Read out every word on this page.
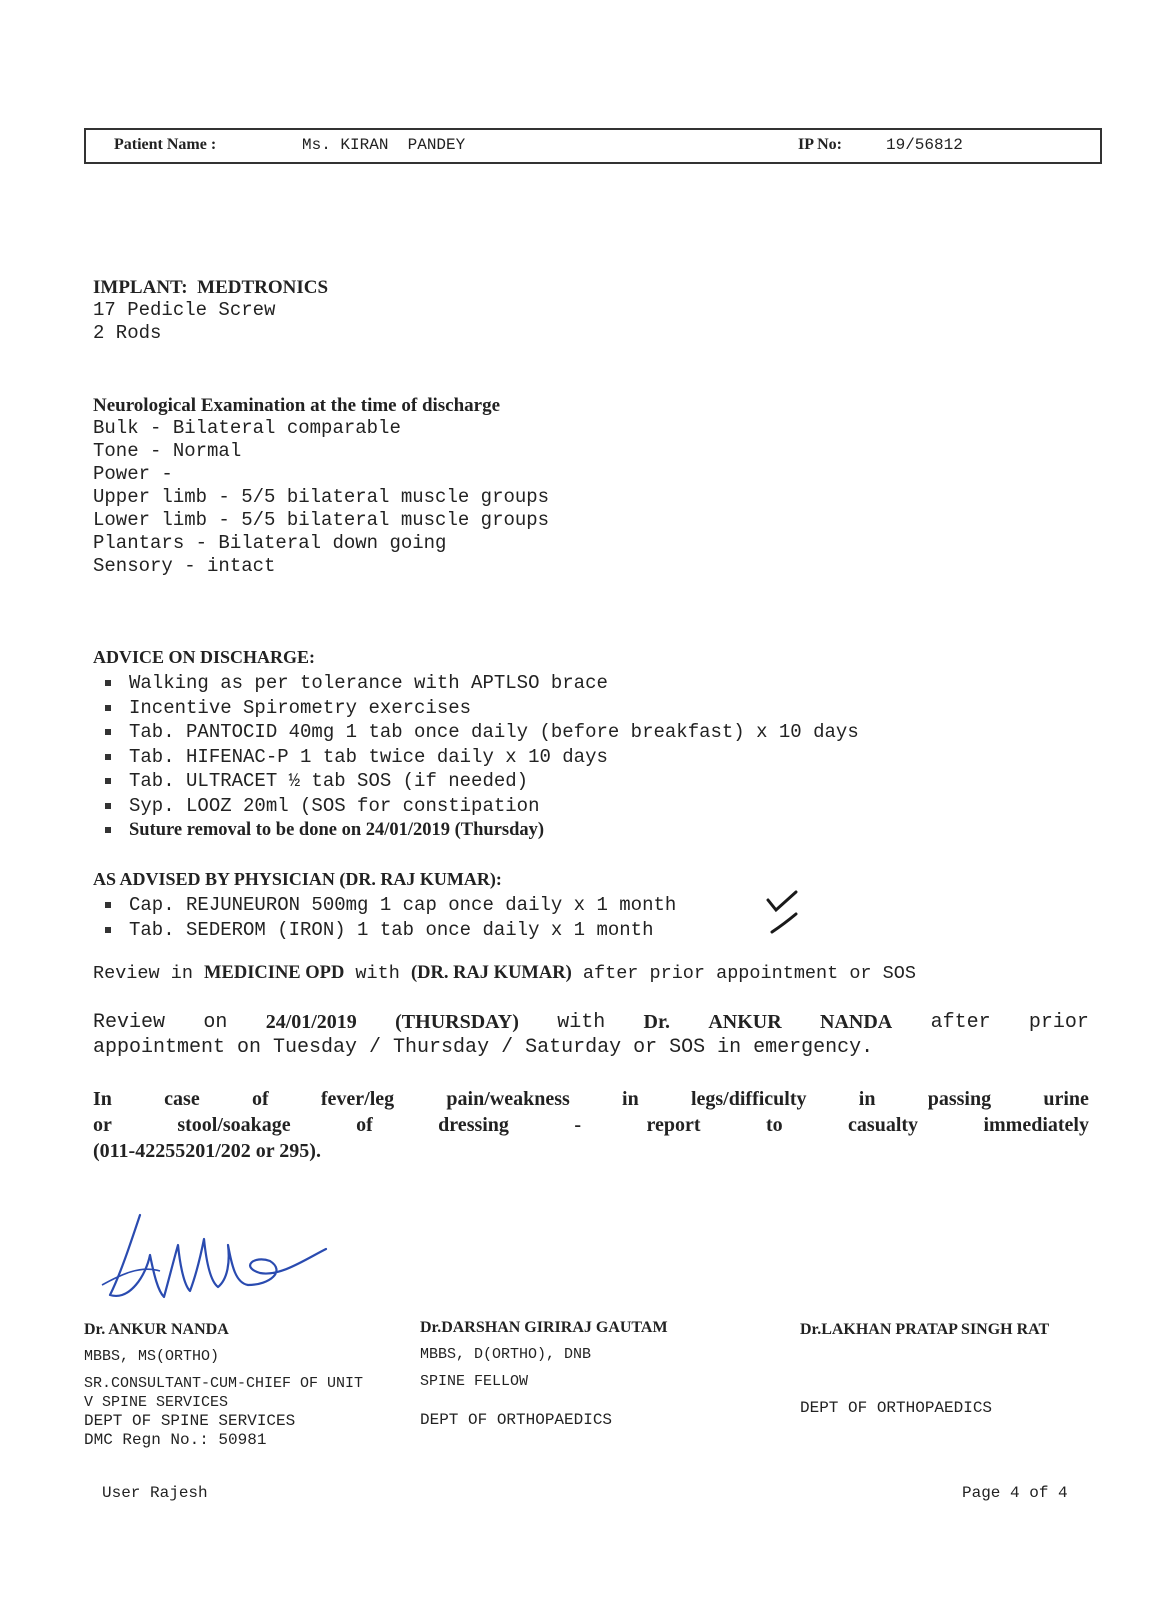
Patient Name :	Ms. KIRAN  PANDEY	IP No:	19/56812
IMPLANT:  MEDTRONICS
17 Pedicle Screw
2 Rods
Neurological Examination at the time of discharge
Bulk - Bilateral comparable
Tone - Normal
Power -
Upper limb - 5/5 bilateral muscle groups
Lower limb - 5/5 bilateral muscle groups
Plantars - Bilateral down going
Sensory - intact
ADVICE ON DISCHARGE:
Walking as per tolerance with APTLSO brace
Incentive Spirometry exercises
Tab. PANTOCID 40mg 1 tab once daily (before breakfast) x 10 days
Tab. HIFENAC-P 1 tab twice daily x 10 days
Tab. ULTRACET ½ tab SOS (if needed)
Syp. LOOZ 20ml (SOS for constipation
Suture removal to be done on 24/01/2019 (Thursday)
AS ADVISED BY PHYSICIAN (DR. RAJ KUMAR):
Cap. REJUNEURON 500mg 1 cap once daily x 1 month
Tab. SEDEROM (IRON) 1 tab once daily x 1 month
Review in MEDICINE OPD with (DR. RAJ KUMAR) after prior appointment or SOS
Review on 24/01/2019 (THURSDAY) with Dr. ANKUR NANDA after prior
appointment on Tuesday / Thursday / Saturday or SOS in emergency.
In	case	of	fever/leg	pain/weakness	in	legs/difficulty	in	passing	urine
or	stool/soakage	of	dressing	-	report	to	casualty	immediately
(011-42255201/202 or 295).
Dr. ANKUR NANDA
MBBS, MS(ORTHO)
SR.CONSULTANT-CUM-CHIEF OF UNIT
V SPINE SERVICES
DEPT OF SPINE SERVICES
DMC Regn No.: 50981
Dr.DARSHAN GIRIRAJ GAUTAM
MBBS, D(ORTHO), DNB
SPINE FELLOW
DEPT OF ORTHOPAEDICS
Dr.LAKHAN PRATAP SINGH RAT
DEPT OF ORTHOPAEDICS
User Rajesh	Page 4 of 4
